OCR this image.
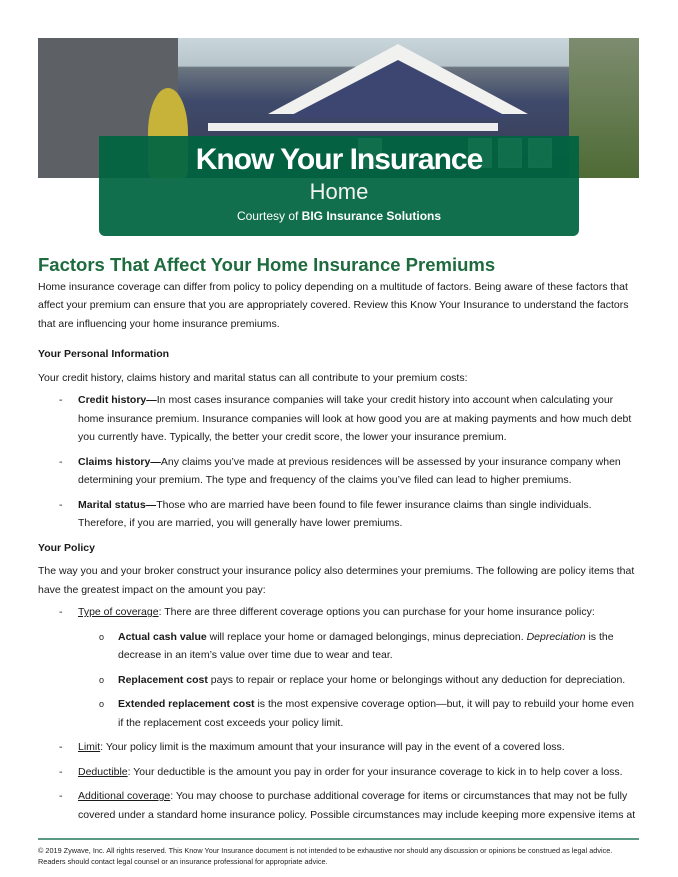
Know Your Insurance
Home
Courtesy of BIG Insurance Solutions
Factors That Affect Your Home Insurance Premiums

Home insurance coverage can differ from policy to policy depending on a multitude of factors. Being aware of these factors that affect your premium can ensure that you are appropriately covered. Review this Know Your Insurance to understand the factors that are influencing your home insurance premiums.

Your Personal Information

Your credit history, claims history and marital status can all contribute to your premium costs:

- Credit history—In most cases insurance companies will take your credit history into account when calculating your home insurance premium. Insurance companies will look at how good you are at making payments and how much debt you currently have. Typically, the better your credit score, the lower your insurance premium.
- Claims history—Any claims you’ve made at previous residences will be assessed by your insurance company when determining your premium. The type and frequency of the claims you’ve filed can lead to higher premiums.
- Marital status—Those who are married have been found to file fewer insurance claims than single individuals. Therefore, if you are married, you will generally have lower premiums.
Your Policy

The way you and your broker construct your insurance policy also determines your premiums. The following are policy items that have the greatest impact on the amount you pay:

- Type of coverage: There are three different coverage options you can purchase for your home insurance policy:
o Actual cash value will replace your home or damaged belongings, minus depreciation. Depreciation is the decrease in an item’s value over time due to wear and tear.
o Replacement cost pays to repair or replace your home or belongings without any deduction for depreciation.
o Extended replacement cost is the most expensive coverage option—but, it will pay to rebuild your home even if the replacement cost exceeds your policy limit.
- Limit: Your policy limit is the maximum amount that your insurance will pay in the event of a covered loss.
- Deductible: Your deductible is the amount you pay in order for your insurance coverage to kick in to help cover a loss.
- Additional coverage: You may choose to purchase additional coverage for items or circumstances that may not be fully covered under a standard home insurance policy. Possible circumstances may include keeping more expensive items at
© 2019 Zywave, Inc. All rights reserved. This Know Your Insurance document is not intended to be exhaustive nor should any discussion or opinions be construed as legal advice. Readers should contact legal counsel or an insurance professional for appropriate advice.
